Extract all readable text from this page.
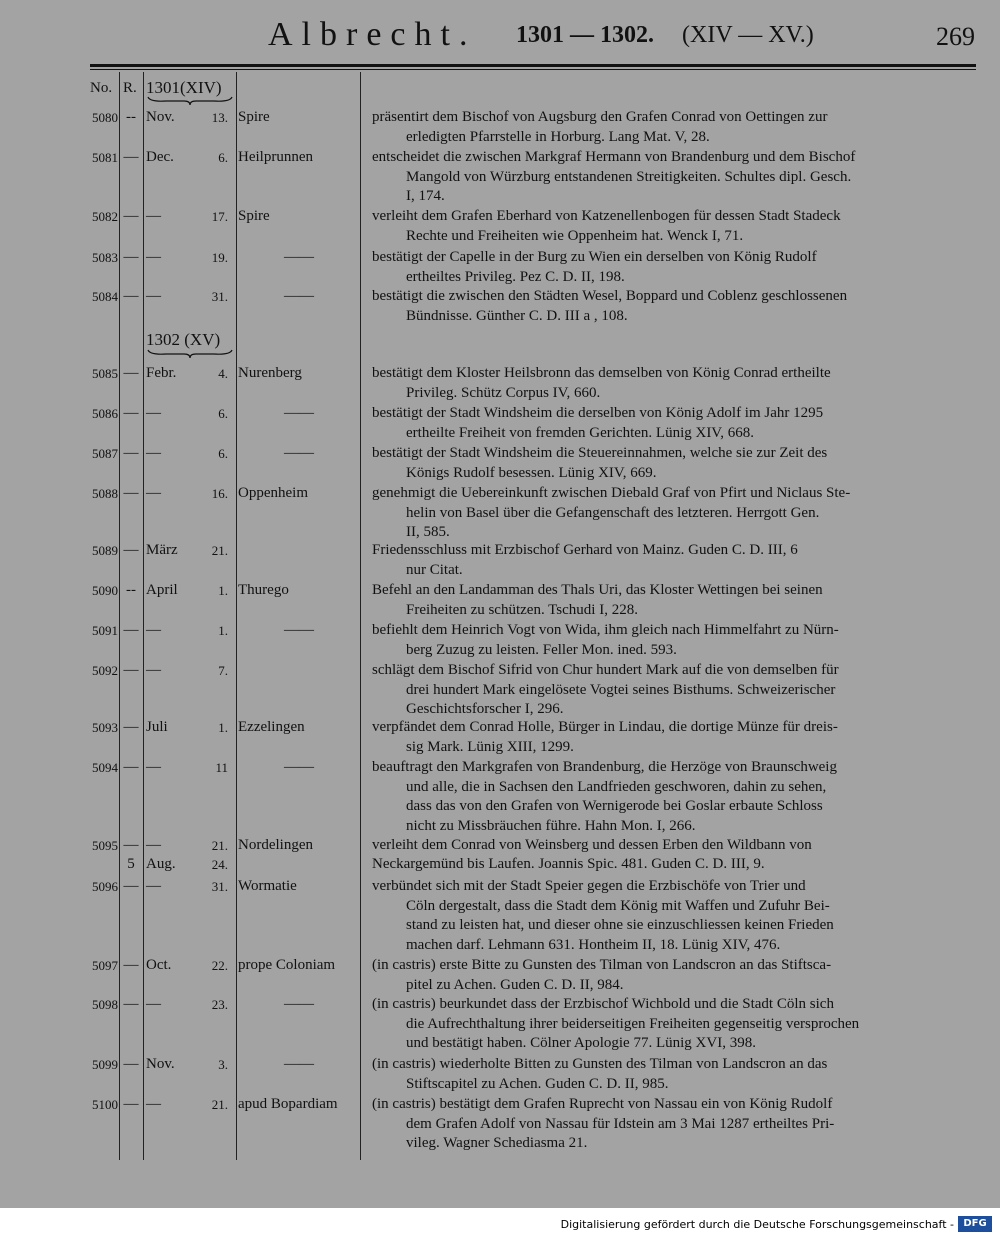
Albrecht. 1301 — 1302. (XIV — XV.)	269
No. R. 1301(XIV)
1302 (XV)
5080 -- Nov.	13. Spire	präsentirt dem Bischof von Augsburg den Grafen Conrad von Oettingen zur
erledigten Pfarrstelle in Horburg. Lang Mat. V, 28.
5081 — Dec.	6. Heilprunnen	entscheidet die zwischen Markgraf Hermann von Brandenburg und dem Bischof
Mangold von Würzburg entstandenen Streitigkeiten. Schultes dipl. Gesch.
I, 174.
5082 — —	17. Spire	verleiht dem Grafen Eberhard von Katzenellenbogen für dessen Stadt Stadeck
Rechte und Freiheiten wie Oppenheim hat. Wenck I, 71.
5083 — —	19.	——	bestätigt der Capelle in der Burg zu Wien ein derselben von König Rudolf
ertheiltes Privileg. Pez C. D. II, 198.
5084 — —	31.	——	bestätigt die zwischen den Städten Wesel, Boppard und Coblenz geschlossenen
Bündnisse. Günther C. D. III a , 108.
5085 — Febr.	4. Nurenberg	bestätigt dem Kloster Heilsbronn das demselben von König Conrad ertheilte
Privileg. Schütz Corpus IV, 660.
5086 — —	6.	——	bestätigt der Stadt Windsheim die derselben von König Adolf im Jahr 1295
ertheilte Freiheit von fremden Gerichten. Lünig XIV, 668.
5087 — —	6.	——	bestätigt der Stadt Windsheim die Steuereinnahmen, welche sie zur Zeit des
Königs Rudolf besessen. Lünig XIV, 669.
5088 — —	16. Oppenheim	genehmigt die Uebereinkunft zwischen Diebald Graf von Pfirt und Niclaus Ste-
helin von Basel über die Gefangenschaft des letzteren. Herrgott Gen.
II, 585.
5089 — März	21.	Friedensschluss mit Erzbischof Gerhard von Mainz. Guden C. D. III, 6
nur Citat.
5090 -- April	1. Thurego	Befehl an den Landamman des Thals Uri, das Kloster Wettingen bei seinen
Freiheiten zu schützen. Tschudi I, 228.
5091 — —	1.	——	befiehlt dem Heinrich Vogt von Wida, ihm gleich nach Himmelfahrt zu Nürn-
berg Zuzug zu leisten. Feller Mon. ined. 593.
5092 — —	7.	schlägt dem Bischof Sifrid von Chur hundert Mark auf die von demselben für
drei hundert Mark eingelösete Vogtei seines Bisthums. Schweizerischer
Geschichtsforscher I, 296.
5093 — Juli	1. Ezzelingen	verpfändet dem Conrad Holle, Bürger in Lindau, die dortige Münze für dreis-
sig Mark. Lünig XIII, 1299.
5094 — —	11	——	beauftragt den Markgrafen von Brandenburg, die Herzöge von Braunschweig
und alle, die in Sachsen den Landfrieden geschworen, dahin zu sehen,
dass das von den Grafen von Wernigerode bei Goslar erbaute Schloss
nicht zu Missbräuchen führe. Hahn Mon. I, 266.
5095 — —	21. Nordelingen	verleiht dem Conrad von Weinsberg und dessen Erben den Wildbann von
5 Aug.	24.	Neckargemünd bis Laufen. Joannis Spic. 481. Guden C. D. III, 9.
5096 — —	31. Wormatie	verbündet sich mit der Stadt Speier gegen die Erzbischöfe von Trier und
Cöln dergestalt, dass die Stadt dem König mit Waffen und Zufuhr Bei-
stand zu leisten hat, und dieser ohne sie einzuschliessen keinen Frieden
machen darf. Lehmann 631. Hontheim II, 18. Lünig XIV, 476.
5097 — Oct.	22. prope Coloniam	(in castris) erste Bitte zu Gunsten des Tilman von Landscron an das Stiftsca-
pitel zu Achen. Guden C. D. II, 984.
5098 — —	23.	——	(in castris) beurkundet dass der Erzbischof Wichbold und die Stadt Cöln sich
die Aufrechthaltung ihrer beiderseitigen Freiheiten gegenseitig versprochen
und bestätigt haben. Cölner Apologie 77. Lünig XVI, 398.
5099 — Nov.	3.	——	(in castris) wiederholte Bitten zu Gunsten des Tilman von Landscron an das
Stiftscapitel zu Achen. Guden C. D. II, 985.
5100 — —	21. apud Bopardiam	(in castris) bestätigt dem Grafen Ruprecht von Nassau ein von König Rudolf
dem Grafen Adolf von Nassau für Idstein am 3 Mai 1287 ertheiltes Pri-
vileg. Wagner Schediasma 21.
Digitalisierung gefördert durch die Deutsche Forschungsgemeinschaft - DFG
